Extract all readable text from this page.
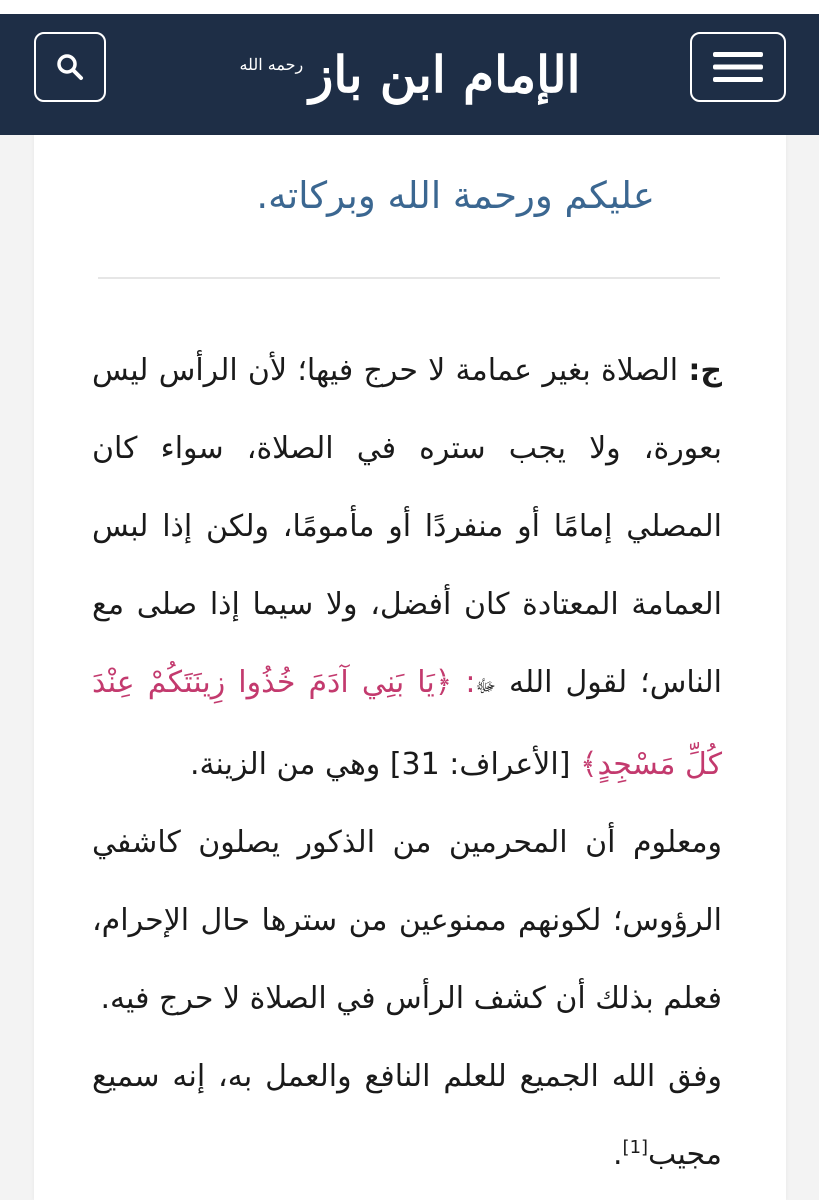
الإمام ابن باز
رحمه الله
عليكم ورحمة الله وبركاته.

ج: الصلاة بغير عمامة لا حرج فيها؛ لأن الرأس ليس بعورة، ولا يجب ستره في الصلاة، سواء كان المصلي إمامًا أو منفردًا أو مأمومًا، ولكن إذا لبس العمامة المعتادة كان أفضل، ولا سيما إذا صلى مع الناس؛ لقول الله ﷻ: ﴿يَا بَنِي آدَمَ خُذُوا زِينَتَكُمْ عِنْدَ كُلِّ مَسْجِدٍ﴾ [الأعراف: 31] وهي من الزينة.

ومعلوم أن المحرمين من الذكور يصلون كاشفي الرؤوس؛ لكونهم ممنوعين من سترها حال الإحرام، فعلم بذلك أن كشف الرأس في الصلاة لا حرج فيه.

وفق الله الجميع للعلم النافع والعمل به، إنه سميع مجيب[1].
